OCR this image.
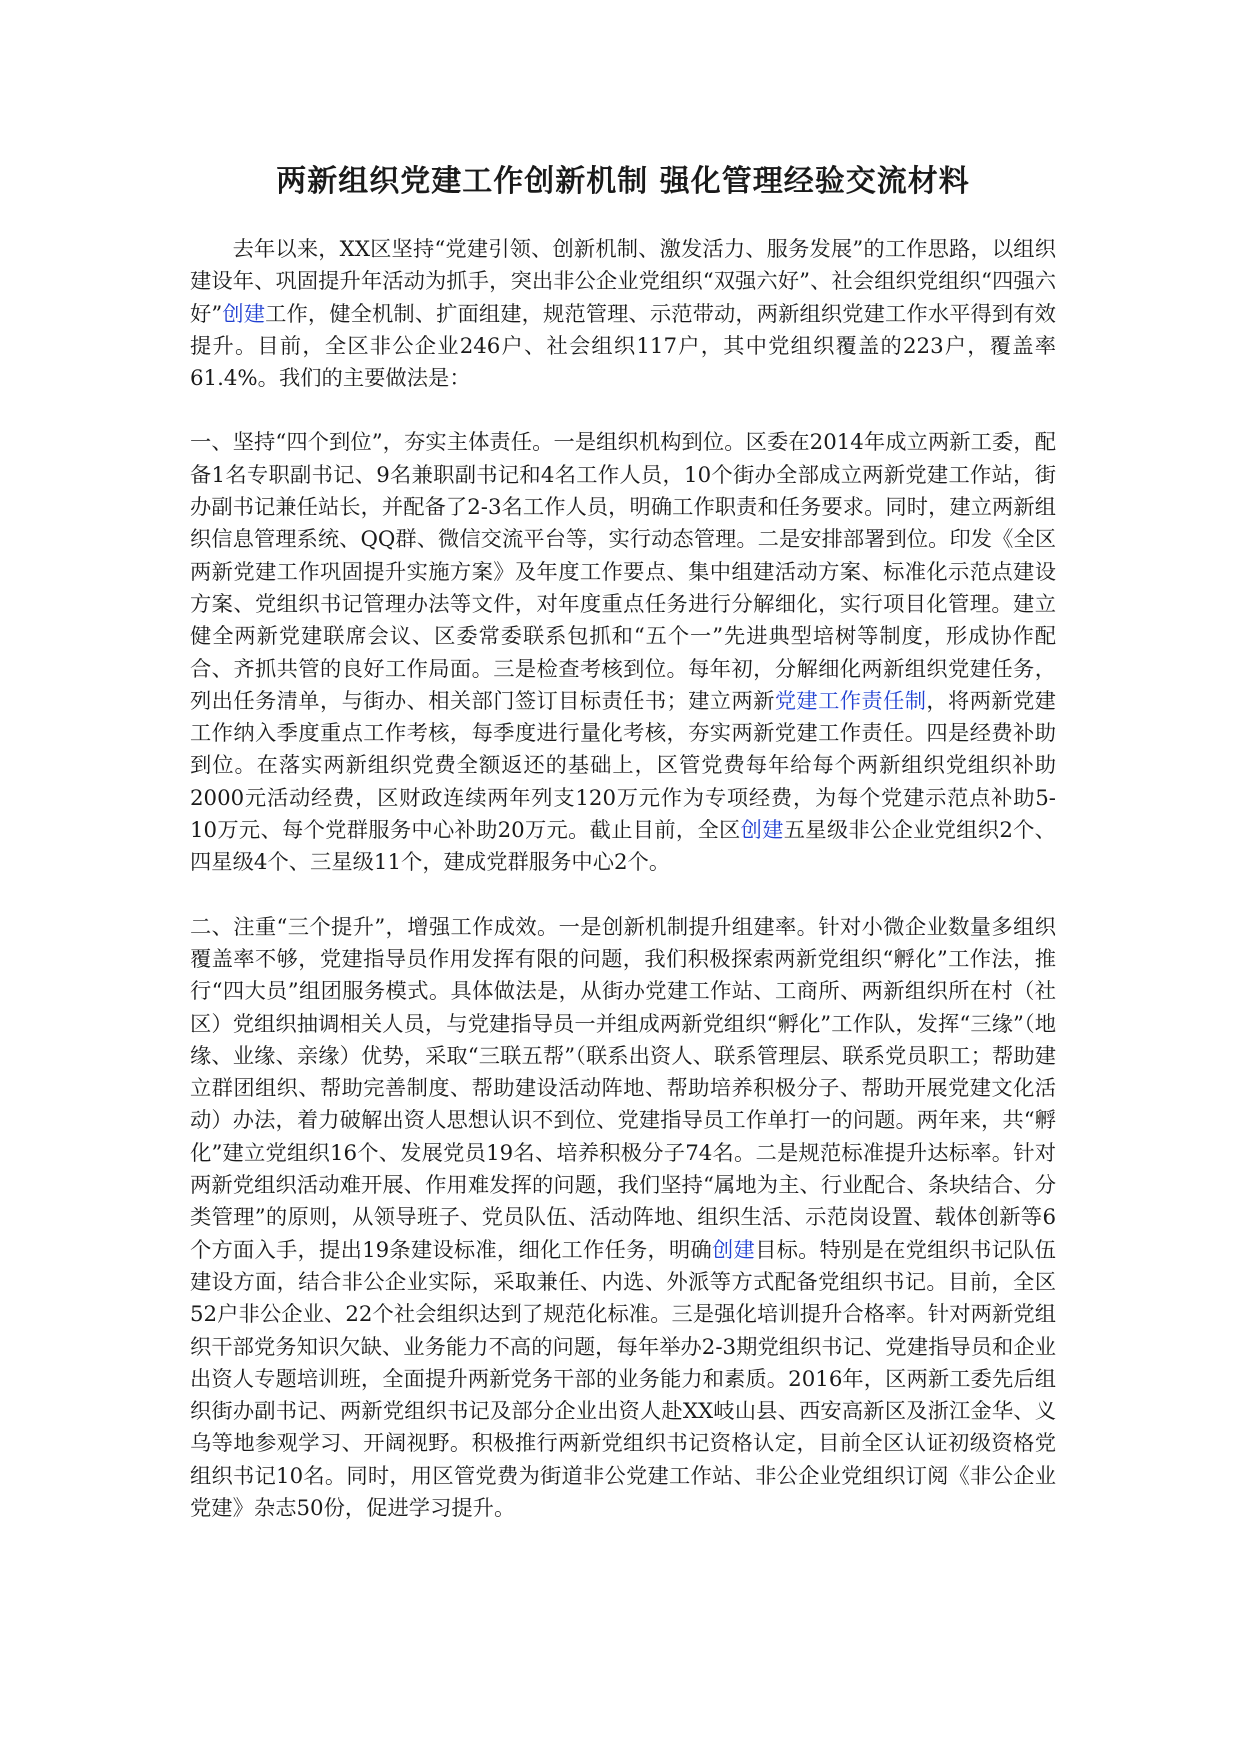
两新组织党建工作创新机制 强化管理经验交流材料

去年以来，XX区坚持“党建引领、创新机制、激发活力、服务发展”的工作思路，以组织建设年、巩固提升年活动为抓手，突出非公企业党组织“双强六好”、社会组织党组织“四强六好”创建工作，健全机制、扩面组建，规范管理、示范带动，两新组织党建工作水平得到有效提升。目前，全区非公企业246户、社会组织117户，其中党组织覆盖的223户，覆盖率61.4%。我们的主要做法是：

一、坚持“四个到位”，夯实主体责任。一是组织机构到位。区委在2014年成立两新工委，配备1名专职副书记、9名兼职副书记和4名工作人员，10个街办全部成立两新党建工作站，街办副书记兼任站长，并配备了2-3名工作人员，明确工作职责和任务要求。同时，建立两新组织信息管理系统、QQ群、微信交流平台等，实行动态管理。二是安排部署到位。印发《全区两新党建工作巩固提升实施方案》及年度工作要点、集中组建活动方案、标准化示范点建设方案、党组织书记管理办法等文件，对年度重点任务进行分解细化，实行项目化管理。建立健全两新党建联席会议、区委常委联系包抓和“五个一”先进典型培树等制度，形成协作配合、齐抓共管的良好工作局面。三是检查考核到位。每年初，分解细化两新组织党建任务，列出任务清单，与街办、相关部门签订目标责任书；建立两新党建工作责任制，将两新党建工作纳入季度重点工作考核，每季度进行量化考核，夯实两新党建工作责任。四是经费补助到位。在落实两新组织党费全额返还的基础上，区管党费每年给每个两新组织党组织补助2000元活动经费，区财政连续两年列支120万元作为专项经费，为每个党建示范点补助5-10万元、每个党群服务中心补助20万元。截止目前，全区创建五星级非公企业党组织2个、四星级4个、三星级11个，建成党群服务中心2个。

二、注重“三个提升”，增强工作成效。一是创新机制提升组建率。针对小微企业数量多组织覆盖率不够，党建指导员作用发挥有限的问题，我们积极探索两新党组织“孵化”工作法，推行“四大员”组团服务模式。具体做法是，从街办党建工作站、工商所、两新组织所在村（社区）党组织抽调相关人员，与党建指导员一并组成两新党组织“孵化”工作队，发挥“三缘”（地缘、业缘、亲缘）优势，采取“三联五帮”（联系出资人、联系管理层、联系党员职工；帮助建立群团组织、帮助完善制度、帮助建设活动阵地、帮助培养积极分子、帮助开展党建文化活动）办法，着力破解出资人思想认识不到位、党建指导员工作单打一的问题。两年来，共“孵化”建立党组织16个、发展党员19名、培养积极分子74名。二是规范标准提升达标率。针对两新党组织活动难开展、作用难发挥的问题，我们坚持“属地为主、行业配合、条块结合、分类管理”的原则，从领导班子、党员队伍、活动阵地、组织生活、示范岗设置、载体创新等6个方面入手，提出19条建设标准，细化工作任务，明确创建目标。特别是在党组织书记队伍建设方面，结合非公企业实际，采取兼任、内选、外派等方式配备党组织书记。目前，全区52户非公企业、22个社会组织达到了规范化标准。三是强化培训提升合格率。针对两新党组织干部党务知识欠缺、业务能力不高的问题，每年举办2-3期党组织书记、党建指导员和企业出资人专题培训班，全面提升两新党务干部的业务能力和素质。2016年，区两新工委先后组织街办副书记、两新党组织书记及部分企业出资人赴XX岐山县、西安高新区及浙江金华、义乌等地参观学习、开阔视野。积极推行两新党组织书记资格认定，目前全区认证初级资格党组织书记10名。同时，用区管党费为街道非公党建工作站、非公企业党组织订阅《非公企业党建》杂志50份，促进学习提升。
